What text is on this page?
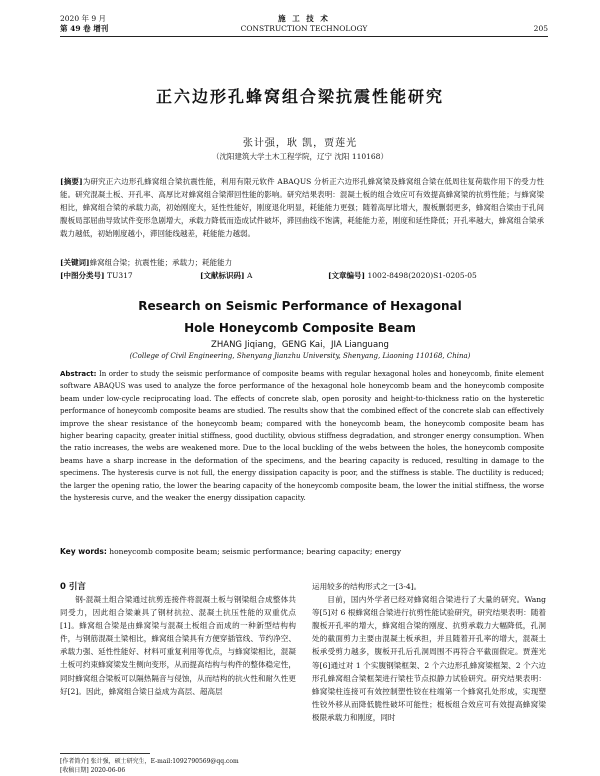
2020 年 9 月
第 49 卷 增刊
施 工 技 术
CONSTRUCTION TECHNOLOGY	205
正六边形孔蜂窝组合梁抗震性能研究
张计强，耿 凯，贾莲光
（沈阳建筑大学土木工程学院，辽宁 沈阳 110168）
[摘要]为研究正六边形孔蜂窝组合梁抗震性能，利用有限元软件 ABAQUS 分析正六边形孔蜂窝梁及蜂窝组合梁在低周往复荷载作用下的受力性能。研究混凝土板、开孔率、高厚比对蜂窝组合梁滞回性能的影响。研究结果表明：混凝土板的组合效应可有效提高蜂窝梁的抗剪性能；与蜂窝梁相比，蜂窝组合梁的承载力高，初始刚度大，延性性能好，刚度退化明显，耗能能力更强；随着高厚比增大，腹板删弱更多，蜂窝组合梁由于孔间腹板局部屈曲导致试件变形急剧增大，承载力降低而造成试件破坏，滞回曲线不饱满，耗能能力差，刚度和延性降低；开孔率越大，蜂窝组合梁承载力越低，初始刚度越小，滞回能线越差，耗能能力越弱。
[关键词]蜂窝组合梁；抗震性能；承载力；耗能能力
[中图分类号] TU317	[文献标识码] A	[文章编号] 1002-8498(2020)S1-0205-05
Research on Seismic Performance of Hexagonal
Hole Honeycomb Composite Beam
ZHANG Jiqiang，GENG Kai，JIA Lianguang
(College of Civil Engineering, Shenyang Jianzhu University, Shenyang, Liaoning 110168, China)
Abstract: In order to study the seismic performance of composite beams with regular hexagonal holes and honeycomb, finite element software ABAQUS was used to analyze the force performance of the hexagonal hole honeycomb beam and the honeycomb composite beam under low-cycle reciprocating load. The effects of concrete slab, open porosity and height-to-thickness ratio on the hysteretic performance of honeycomb composite beams are studied. The results show that the combined effect of the concrete slab can effectively improve the shear resistance of the honeycomb beam; compared with the honeycomb beam, the honeycomb composite beam has higher bearing capacity, greater initial stiffness, good ductility, obvious stiffness degradation, and stronger energy consumption. When the ratio increases, the webs are weakened more. Due to the local buckling of the webs between the holes, the honeycomb composite beams have a sharp increase in the deformation of the specimens, and the bearing capacity is reduced, resulting in damage to the specimens. The hysteresis curve is not full, the energy dissipation capacity is poor, and the stiffness is stable. The ductility is reduced; the larger the opening ratio, the lower the bearing capacity of the honeycomb composite beam, the lower the initial stiffness, the worse the hysteresis curve, and the weaker the energy dissipation capacity.
Key words: honeycomb composite beam; seismic performance; bearing capacity; energy
0 引言

钢-混凝土组合梁通过抗剪连接件将混凝土板与钢梁组合成整体共同受力，因此组合梁兼具了钢材抗拉、混凝土抗压性能的双重优点[1]。蜂窝组合梁是由蜂窝梁与混凝土板组合而成的一种新型结构构件，与钢筋混凝土梁相比，蜂窝组合梁具有方便穿插管线、节约净空、承载力强、延性性能好、材料可重复利用等优点，与蜂窝梁相比，混凝土板可约束蜂窝梁发生侧向变形，从而提高结构与构件的整体稳定性，同时蜂窝组合梁板可以隔热隔音与侵蚀，从而结构的抗火性和耐久性更好[2]。因此，蜂窝组合梁日益成为高层、超高层

运用较多的结构形式之一[3-4]。

目前，国内外学者已经对蜂窝组合梁进行了大量的研究。Wang 等[5]对 6 根蜂窝组合梁进行抗剪性能试验研究，研究结果表明：随着腹板开孔率的增大，蜂窝组合梁的刚度、抗剪承载力大幅降低，孔洞处的截面剪力主要由混凝土板承担，并且随着开孔率的增大，混凝土板承受剪力越多，腹板开孔后孔洞周围不再符合平截面假定。贾莲光等[6]通过对 1 个实腹钢梁框架、2 个六边形孔蜂窝梁框架、2 个六边形孔蜂窝组合梁框架进行梁柱节点拟静力试验研究。研究结果表明：蜂窝梁柱连接可有效控制塑性铰在柱端第一个蜂窝孔处形成，实现塑性铰外移从而降低脆性破坏可能性；梃板组合效应可有效提高蜂窝梁极限承载力和刚度，同时

[作者简介] 张计强，硕士研究生，E-mail:1092790569@qq.com
[收稿日期] 2020-06-06
